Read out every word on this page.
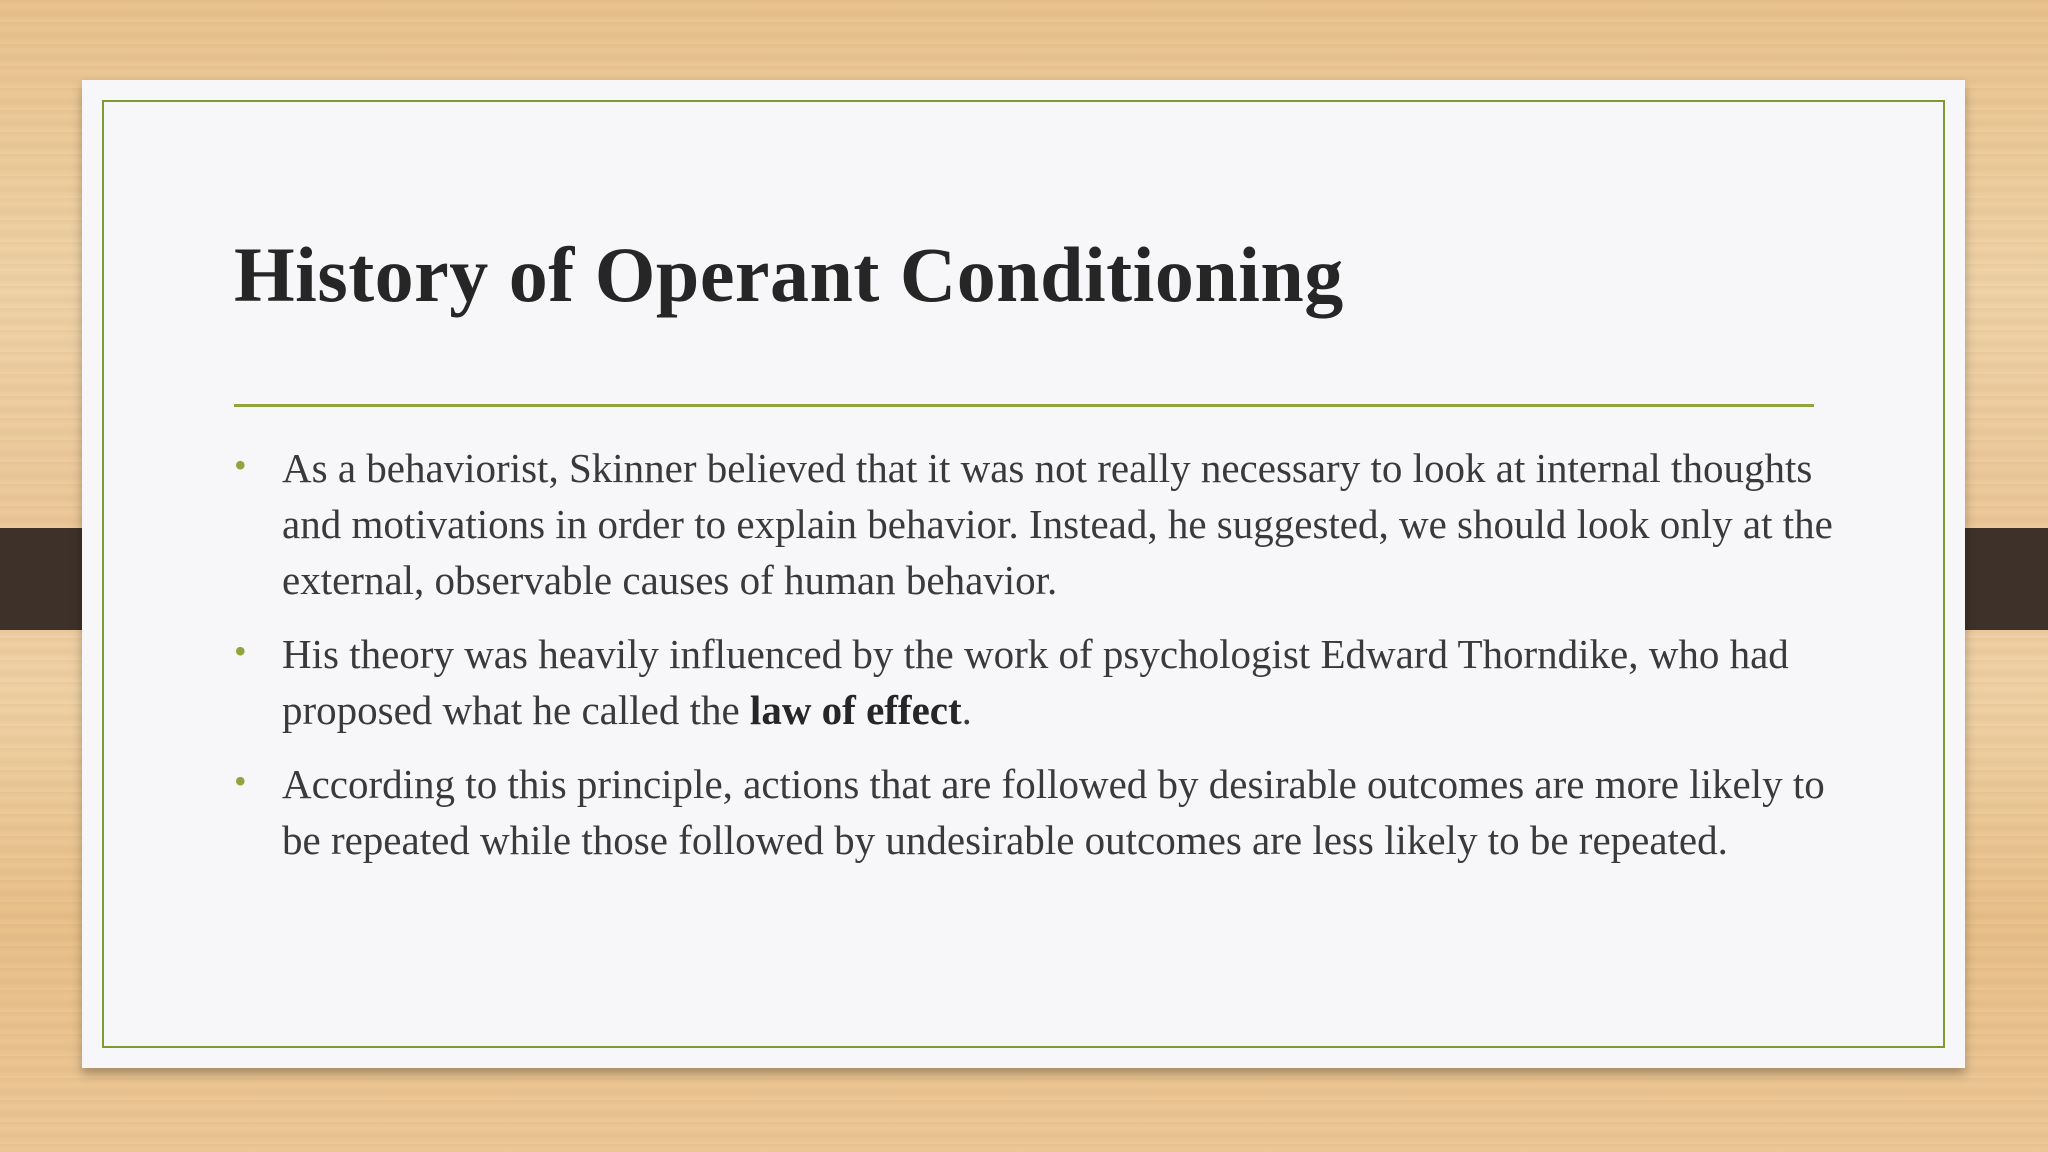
History of Operant Conditioning
• As a behaviorist, Skinner believed that it was not really necessary to look at internal thoughts and motivations in order to explain behavior. Instead, he suggested, we should look only at the external, observable causes of human behavior.
• His theory was heavily influenced by the work of psychologist Edward Thorndike, who had proposed what he called the law of effect.
• According to this principle, actions that are followed by desirable outcomes are more likely to be repeated while those followed by undesirable outcomes are less likely to be repeated.
